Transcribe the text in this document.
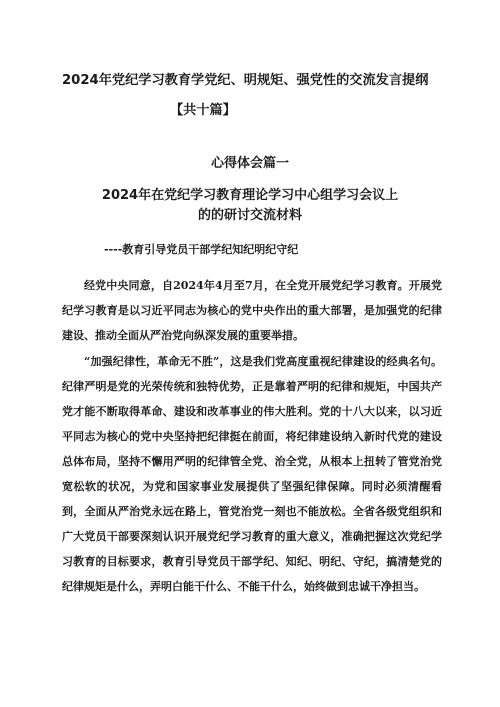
2024年党纪学习教育学党纪、明规矩、强党性的交流发言提纲
【共十篇】
心得体会篇一
2024年在党纪学习教育理论学习中心组学习会议上的的研讨交流材料

----教育引导党员干部学纪知纪明纪守纪

经党中央同意，自2024年4月至7月，在全党开展党纪学习教育。开展党纪学习教育是以习近平同志为核心的党中央作出的重大部署，是加强党的纪律建设、推动全面从严治党向纵深发展的重要举措。

“加强纪律性，革命无不胜”，这是我们党高度重视纪律建设的经典名句。纪律严明是党的光荣传统和独特优势，正是靠着严明的纪律和规矩，中国共产党才能不断取得革命、建设和改革事业的伟大胜利。党的十八大以来，以习近平同志为核心的党中央坚持把纪律挺在前面，将纪律建设纳入新时代党的建设总体布局，坚持不懈用严明的纪律管全党、治全党，从根本上扭转了管党治党宽松软的状况，为党和国家事业发展提供了坚强纪律保障。同时必须清醒看到，全面从严治党永远在路上，管党治党一刻也不能放松。全省各级党组织和广大党员干部要深刻认识开展党纪学习教育的重大意义，准确把握这次党纪学习教育的目标要求，教育引导党员干部学纪、知纪、明纪、守纪，搞清楚党的纪律规矩是什么，弄明白能干什么、不能干什么，始终做到忠诚干净担当。
